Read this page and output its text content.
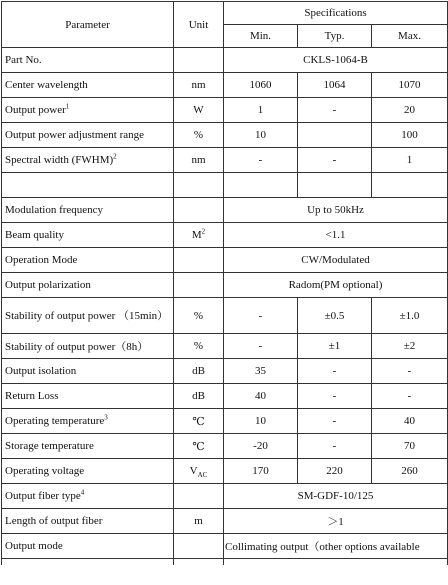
Parameter	Unit	Specifications		
		Min.	Typ.	Max.
Part No.		CKLS-1064-B		
Center wavelength	nm	1060	1064	1070
Output power$^1$	W	1	-	20
Output power adjustment range	%	10		100
Spectral width (FWHM)$^2$	nm	-	-	1

Modulation frequency		Up to 50kHz		
Beam quality	$M^2$	<1.1		
Operation Mode		CW/Modulated		
Output polarization		Radom(PM optional)		
Stability of output power （15min）	%	-	±0.5	±1.0
Stability of output power（8h）	%	-	±1	±2
Output isolation	dB	35	-	-
Return Loss	dB	40	-	-
Operating temperature$^3$	℃	10	-	40
Storage temperature	℃	-20	-	70
Operating voltage	$V_{AC}$	170	220	260
Output fiber type$^4$		SM-GDF-10/125		
Length of output fiber	m	＞1		
Output mode		Collimating output（other options available		
